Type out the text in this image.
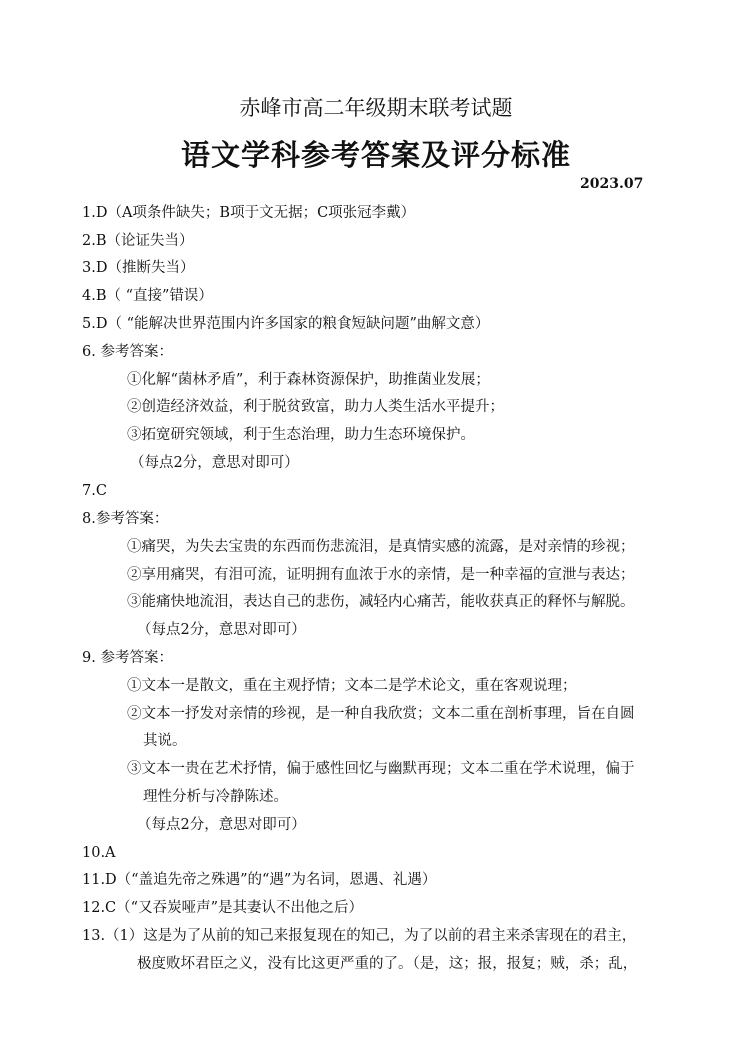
赤峰市高二年级期末联考试题
语文学科参考答案及评分标准
2023.07
1.D（A项条件缺失；B项于文无据；C项张冠李戴）
2.B（论证失当）
3.D（推断失当）
4.B（ “直接”错误）
5.D（ “能解决世界范围内许多国家的粮食短缺问题”曲解文意）
6. 参考答案：
①化解“菌林矛盾”，利于森林资源保护，助推菌业发展；
②创造经济效益，利于脱贫致富，助力人类生活水平提升；
③拓宽研究领域，利于生态治理，助力生态环境保护。
（每点2分，意思对即可）
7.C
8.参考答案：
①痛哭，为失去宝贵的东西而伤悲流泪，是真情实感的流露，是对亲情的珍视；
②享用痛哭，有泪可流，证明拥有血浓于水的亲情，是一种幸福的宣泄与表达；
③能痛快地流泪，表达自己的悲伤，减轻内心痛苦，能收获真正的释怀与解脱。
（每点2分，意思对即可）
9. 参考答案：
①文本一是散文，重在主观抒情；文本二是学术论文，重在客观说理；
②文本一抒发对亲情的珍视，是一种自我欣赏；文本二重在剖析事理，旨在自圆
其说。
③文本一贵在艺术抒情，偏于感性回忆与幽默再现；文本二重在学术说理，偏于
理性分析与冷静陈述。
（每点2分，意思对即可）
10.A
11.D（“盖追先帝之殊遇”的“遇”为名词，恩遇、礼遇）
12.C（“又吞炭哑声”是其妻认不出他之后）
13.（1）这是为了从前的知己来报复现在的知己，为了以前的君主来杀害现在的君主，
极度败坏君臣之义，没有比这更严重的了。（是，这；报，报复；贼，杀；乱，
